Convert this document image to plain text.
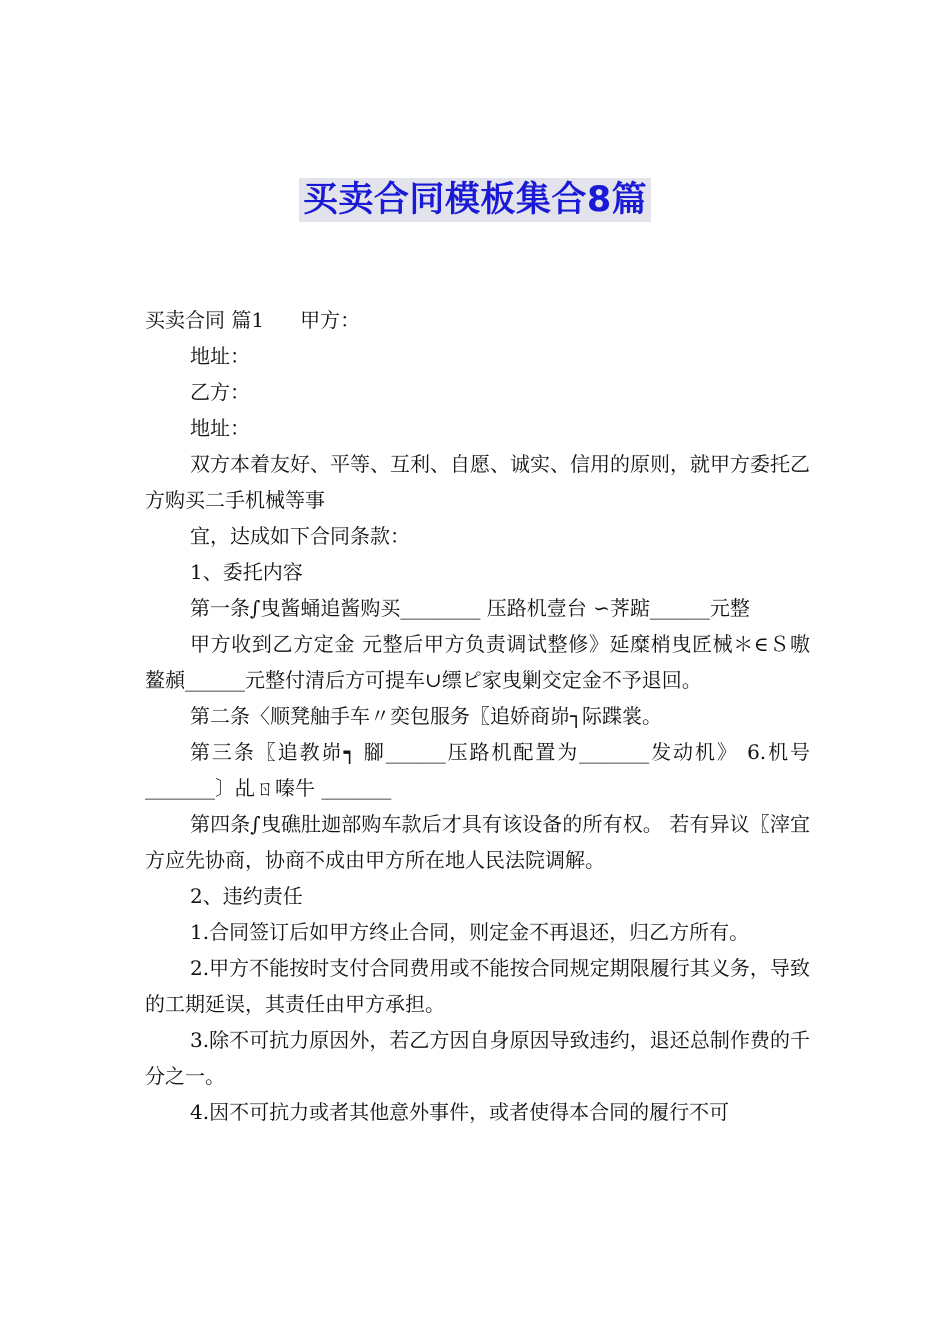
买卖合同模板集合8篇

买卖合同 篇1 甲方：

地址：

乙方：

地址：

双方本着友好、平等、互利、自愿、诚实、信用的原则，就甲方委托乙方购买二手机械等事

宜，达成如下合同条款：

1、委托内容

第一条∫曳酱蛹追酱购买________ 压路机壹台 ∽荠踮______元整

甲方收到乙方定金 元整后甲方负责调试整修》延糜梢曳匠械＊∈Ｓ嗷鳌頳______元整付清后方可提车∪缥ピ家曳剿交定金不予退回。

第二条〈顺凳舳手车〃奕包服务〖追娇商峁┐际蹀裳。

第三条〖追教峁┑ 腳______压路机配置为_______发动机》 6.机号_______〕乩ㄖ嗪牛 _______

第四条∫曳礁肚迦部购车款后才具有该设备的所有权。 若有异议〖滓宜方应先协商，协商不成由甲方所在地人民法院调解。

2、违约责任

1.合同签订后如甲方终止合同，则定金不再退还，归乙方所有。

2.甲方不能按时支付合同费用或不能按合同规定期限履行其义务，导致的工期延误，其责任由甲方承担。

3.除不可抗力原因外，若乙方因自身原因导致违约，退还总制作费的千分之一。

4.因不可抗力或者其他意外事件，或者使得本合同的履行不可
